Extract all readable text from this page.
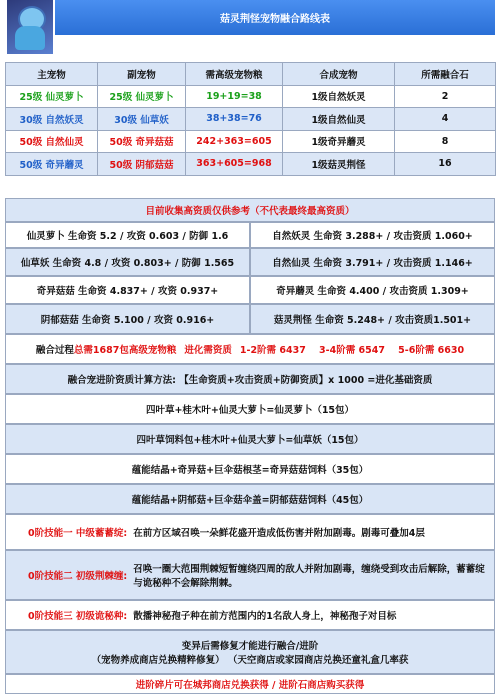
菇灵荆怪宠物融合路线表
主宠物	副宠物	需高级宠物粮	合成宠物	所需融合石
25级 仙灵萝卜	25级 仙灵萝卜	19+19=38	1级自然妖灵	2
30级 自然妖灵	30级 仙草妖	38+38=76	1级自然仙灵	4
50级 自然仙灵	50级 奇异菇菇	242+363=605	1级奇异蘑灵	8
50级 奇异蘑灵	50级 阴郁菇菇	363+605=968	1级菇灵荆怪	16
目前收集高资质仅供参考（不代表最终最高资质）
仙灵萝卜 生命资 5.2 / 攻资 0.603 / 防御 1.6	自然妖灵 生命资 3.288+ / 攻击资质 1.060+
仙草妖 生命资 4.8 / 攻资 0.803+ / 防御 1.565	自然仙灵 生命资 3.791+ / 攻击资质 1.146+
奇异菇菇 生命资 4.837+ / 攻资 0.937+	奇异蘑灵 生命资 4.400 / 攻击资质 1.309+
阴郁菇菇 生命资 5.100 / 攻资 0.916+	菇灵荆怪 生命资 5.248+ / 攻击资质1.501+
融合过程 总需1687包高级宠物粮 进化需资质 1-2阶需 6437    3-4阶需 6547    5-6阶需 6630
融合宠进阶资质计算方法: 【生命资质+攻击资质+防御资质】x 1000 =进化基础资质
四叶草+桂木叶+仙灵大萝卜=仙灵萝卜（15包）
四叶草饲料包+桂木叶+仙灵大萝卜=仙草妖（15包）
蕴能结晶+奇异菇+巨伞菇根茎=奇异菇菇饲料（35包）
蕴能结晶+阴郁菇+巨伞菇伞盖=阴郁菇菇饲料（45包）
0阶技能一 中级蓄蓄绽: 在前方区域召唤一朵鲜花盛开造成低伤害并附加剧毒。剧毒可叠加4层
0阶技能二 初级荆棘缠:
召唤一圈大范围荆棘短暂缠绕四周的敌人并附加剧毒，缠绕受到攻击后解除，蓄蓄绽与诡秘种不会解除荆棘。
0阶技能三 初级诡秘种: 散播神秘孢子种在前方范围内的1名敌人身上，神秘孢子对目标
变异后需修复才能进行融合/进阶
（宠物养成商店兑换精粹修复） （天空商店或家园商店兑换还童礼盒几率获
进阶碎片可在城邦商店兑换获得 / 进阶石商店购买获得
